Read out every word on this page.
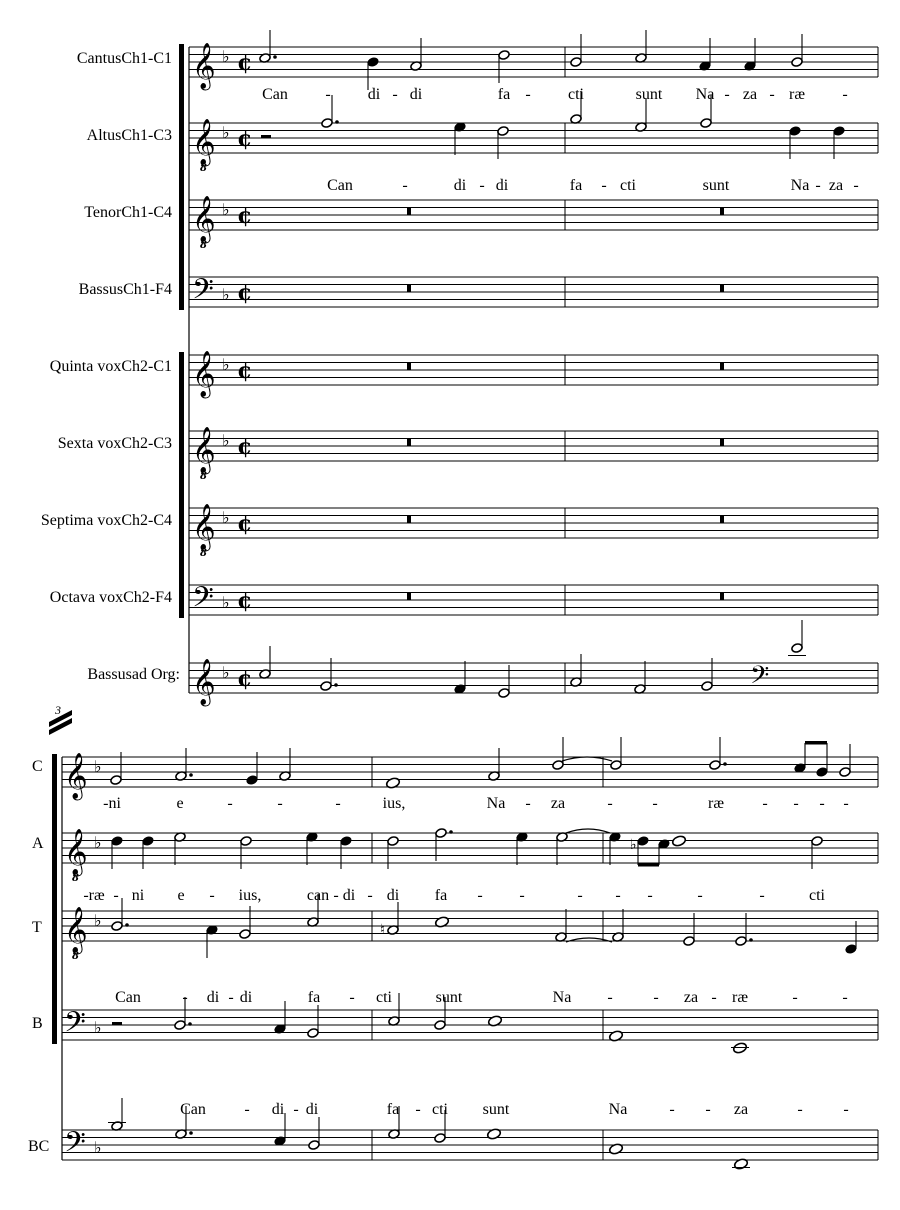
𝄞 ♭ ¢
𝄞
8
♭ ¢
𝄞
8
♭ ¢
𝄢 ♭ ¢
𝄞 ♭ ¢
𝄞
8
♭ ¢
𝄞
8
♭ ¢
𝄢 ♭ ¢
𝄞 ♭ ¢	𝄢
𝄞 ♭
𝄞
8
♭
𝄞
8
♭
𝄢 ♭
𝄢 ♭
♭
♮
CantusCh1-C1
AltusCh1-C3
TenorCh1-C4
BassusCh1-F4
Quinta voxCh2-C1
Sexta voxCh2-C3
Septima voxCh2-C4
Octava voxCh2-F4
Bassusad Org:
3
C
A
T
B
BC
Can - di - di	fa - cti	sunt Na - za - ræ -
Can	-	di - di	fa - cti	sunt	Na - za -
-ni	e	-	-	-	ius,	Na - za	- -	ræ - - - -
-ræ - ni e - ius,	can - di - di fa - -	- - -	-	-	cti
Can	- di - di	fa - cti	sunt	Na -	- za - ræ	-	-
Can - di - di	fa - cti sunt	Na	- - za	-	-
